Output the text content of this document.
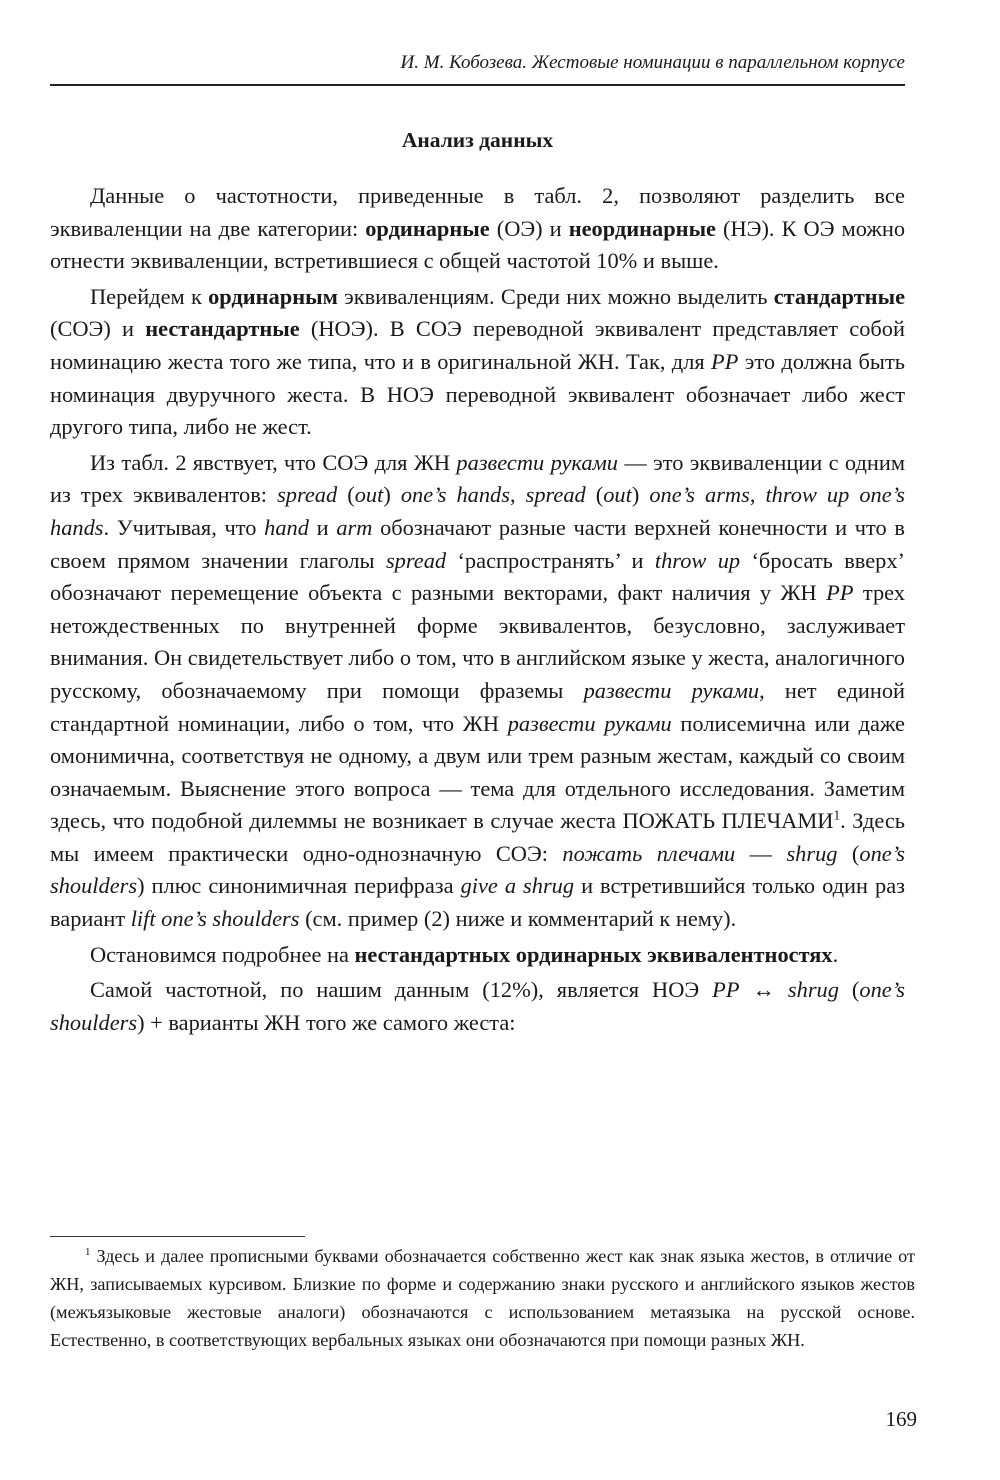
И. М. Кобозева. Жестовые номинации в параллельном корпусе
Анализ данных

Данные о частотности, приведенные в табл. 2, позволяют разделить все эквиваленции на две категории: ординарные (ОЭ) и неординарные (НЭ). К ОЭ можно отнести эквиваленции, встретившиеся с общей частотой 10% и выше.

Перейдем к ординарным эквиваленциям. Среди них можно выделить стандартные (СОЭ) и нестандартные (НОЭ). В СОЭ переводной эквивалент представляет собой номинацию жеста того же типа, что и в оригинальной ЖН. Так, для РР это должна быть номинация двуручного жеста. В НОЭ переводной эквивалент обозначает либо жест другого типа, либо не жест.

Из табл. 2 явствует, что СОЭ для ЖН развести руками — это эквиваленции с одним из трех эквивалентов: spread (out) one’s hands, spread (out) one’s arms, throw up one’s hands. Учитывая, что hand и arm обозначают разные части верхней конечности и что в своем прямом значении глаголы spread ‘распространять’ и throw up ‘бросать вверх’ обозначают перемещение объекта с разными векторами, факт наличия у ЖН РР трех нетождественных по внутренней форме эквивалентов, безусловно, заслуживает внимания. Он свидетельствует либо о том, что в английском языке у жеста, аналогичного русскому, обозначаемому при помощи фраземы развести руками, нет единой стандартной номинации, либо о том, что ЖН развести руками полисемична или даже омонимична, соответствуя не одному, а двум или трем разным жестам, каждый со своим означаемым. Выяснение этого вопроса — тема для отдельного исследования. Заметим здесь, что подобной дилеммы не возникает в случае жеста ПОЖАТЬ ПЛЕЧАМИ$^1$. Здесь мы имеем практически одно-однозначную СОЭ: пожать плечами — shrug (one’s shoulders) плюс синонимичная перифраза give a shrug и встретившийся только один раз вариант lift one’s shoulders (см. пример (2) ниже и комментарий к нему).

Остановимся подробнее на нестандартных ординарных эквивалентностях.

Самой частотной, по нашим данным (12%), является НОЭ РР ↔ shrug (one’s shoulders) + варианты ЖН того же самого жеста:

$^1$ Здесь и далее прописными буквами обозначается собственно жест как знак языка жестов, в отличие от ЖН, записываемых курсивом. Близкие по форме и содержанию знаки русского и английского языков жестов (межъязыковые жестовые аналоги) обозначаются с использованием метаязыка на русской основе. Естественно, в соответствующих вербальных языках они обозначаются при помощи разных ЖН.

169
